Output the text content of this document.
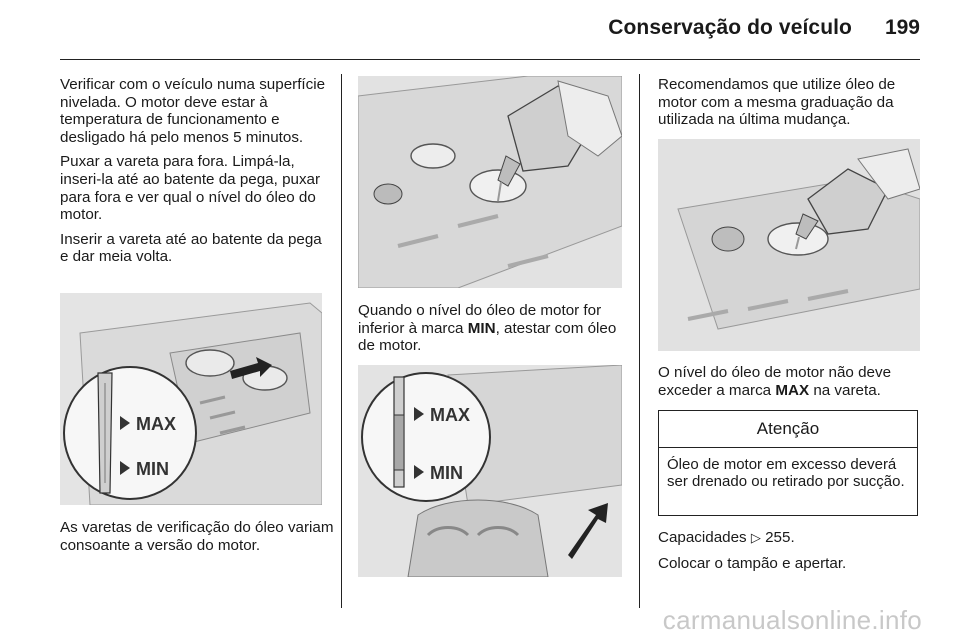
Conservação do veículo 199

Verificar com o veículo numa superfície nivelada. O motor deve estar à temperatura de funcionamento e desligado há pelo menos 5 minutos.

Puxar a vareta para fora. Limpá-la, inseri-la até ao batente da pega, puxar para fora e ver qual o nível do óleo do motor.

Inserir a vareta até ao batente da pega e dar meia volta.

MAX
MIN

As varetas de verificação do óleo variam consoante a versão do motor.

Quando o nível do óleo de motor for inferior à marca MIN, atestar com óleo de motor.
MAX
MIN

Recomendamos que utilize óleo de motor com a mesma graduação da utilizada na última mudança.

O nível do óleo de motor não deve exceder a marca MAX na vareta.
Atenção
Óleo de motor em excesso deverá ser drenado ou retirado por sucção.

Capacidades ▷ 255.

Colocar o tampão e apertar.

carmanualsonline.info
